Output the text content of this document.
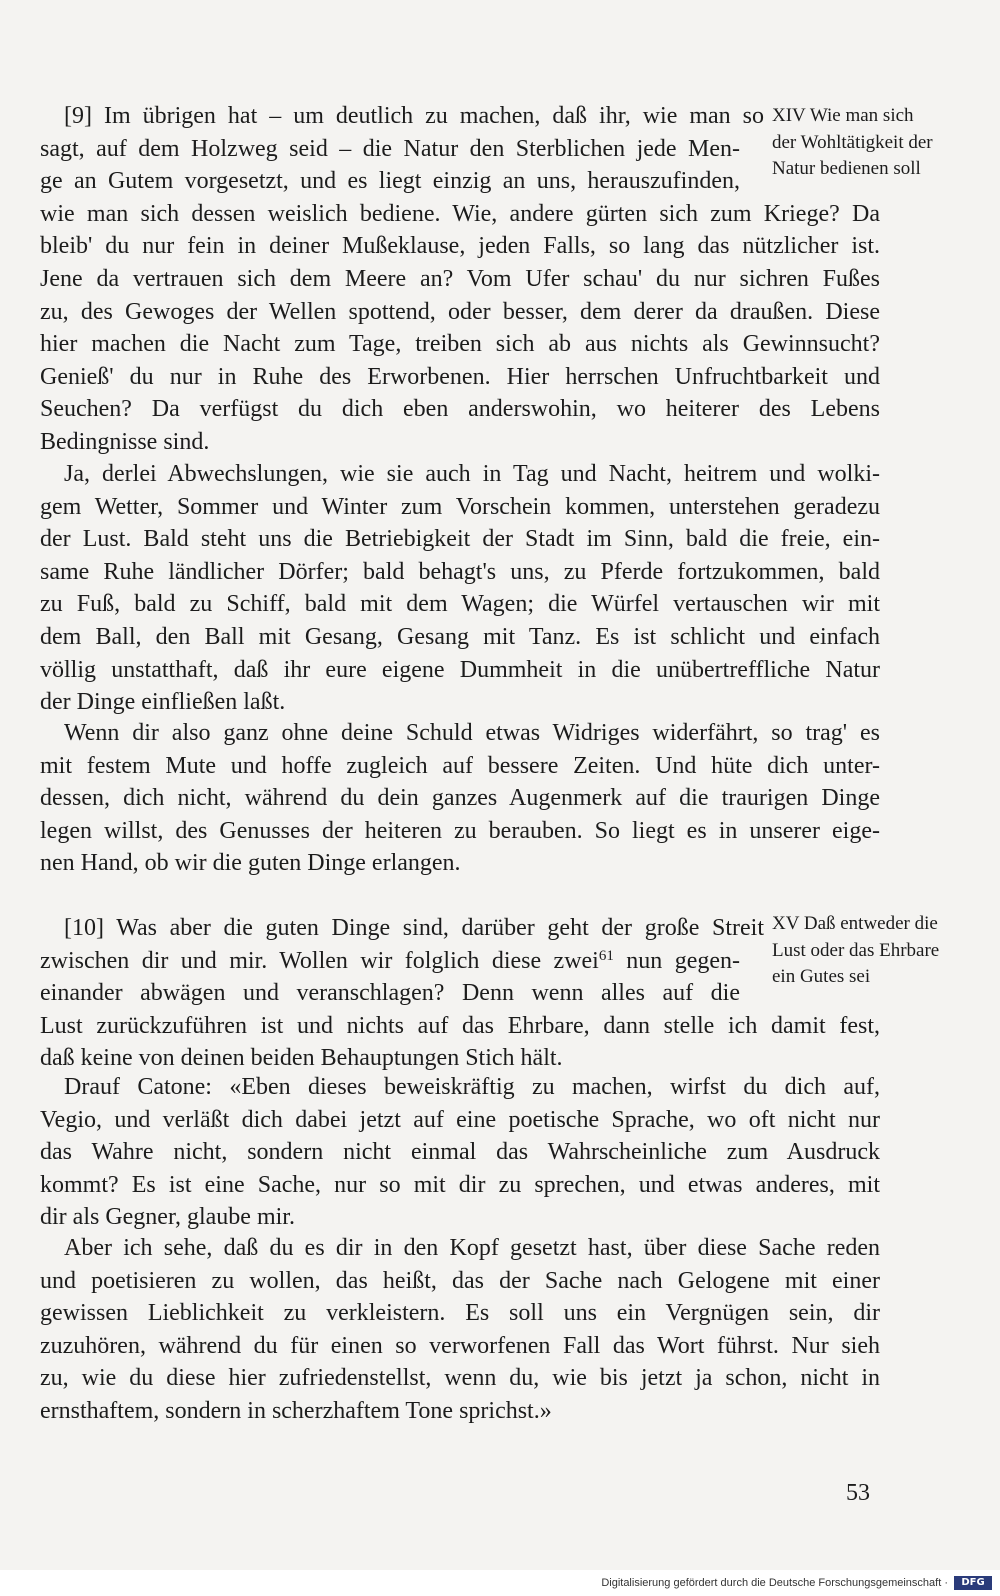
[9] Im übrigen hat – um deutlich zu machen, daß ihr, wie man so
sagt, auf dem Holzweg seid – die Natur den Sterblichen jede Men-
ge an Gutem vorgesetzt, und es liegt einzig an uns, herauszufinden,
wie man sich dessen weislich bediene. Wie, andere gürten sich zum Kriege? Da
bleib' du nur fein in deiner Mußeklause, jeden Falls, so lang das nützlicher ist.
Jene da vertrauen sich dem Meere an? Vom Ufer schau' du nur sichren Fußes
zu, des Gewoges der Wellen spottend, oder besser, dem derer da draußen. Diese
hier machen die Nacht zum Tage, treiben sich ab aus nichts als Gewinnsucht?
Genieß' du nur in Ruhe des Erworbenen. Hier herrschen Unfruchtbarkeit und
Seuchen? Da verfügst du dich eben anderswohin, wo heiterer des Lebens
Bedingnisse sind.

XIV Wie man sich
der Wohltätigkeit der
Natur bedienen soll

Ja, derlei Abwechslungen, wie sie auch in Tag und Nacht, heitrem und wolki-
gem Wetter, Sommer und Winter zum Vorschein kommen, unterstehen geradezu
der Lust. Bald steht uns die Betriebigkeit der Stadt im Sinn, bald die freie, ein-
same Ruhe ländlicher Dörfer; bald behagt's uns, zu Pferde fortzukommen, bald
zu Fuß, bald zu Schiff, bald mit dem Wagen; die Würfel vertauschen wir mit
dem Ball, den Ball mit Gesang, Gesang mit Tanz. Es ist schlicht und einfach
völlig unstatthaft, daß ihr eure eigene Dummheit in die unübertreffliche Natur
der Dinge einfließen laßt.

Wenn dir also ganz ohne deine Schuld etwas Widriges widerfährt, so trag' es
mit festem Mute und hoffe zugleich auf bessere Zeiten. Und hüte dich unter-
dessen, dich nicht, während du dein ganzes Augenmerk auf die traurigen Dinge
legen willst, des Genusses der heiteren zu berauben. So liegt es in unserer eige-
nen Hand, ob wir die guten Dinge erlangen.

[10] Was aber die guten Dinge sind, darüber geht der große Streit
zwischen dir und mir. Wollen wir folglich diese zwei$^{61}$ nun gegen-
einander abwägen und veranschlagen? Denn wenn alles auf die
Lust zurückzuführen ist und nichts auf das Ehrbare, dann stelle ich damit fest,
daß keine von deinen beiden Behauptungen Stich hält.

XV Daß entweder die
Lust oder das Ehrbare
ein Gutes sei

Drauf Catone: «Eben dieses beweiskräftig zu machen, wirfst du dich auf,
Vegio, und verläßt dich dabei jetzt auf eine poetische Sprache, wo oft nicht nur
das Wahre nicht, sondern nicht einmal das Wahrscheinliche zum Ausdruck
kommt? Es ist eine Sache, nur so mit dir zu sprechen, und etwas anderes, mit
dir als Gegner, glaube mir.

Aber ich sehe, daß du es dir in den Kopf gesetzt hast, über diese Sache reden
und poetisieren zu wollen, das heißt, das der Sache nach Gelogene mit einer
gewissen Lieblichkeit zu verkleistern. Es soll uns ein Vergnügen sein, dir
zuzuhören, während du für einen so verworfenen Fall das Wort führst. Nur sieh
zu, wie du diese hier zufriedenstellst, wenn du, wie bis jetzt ja schon, nicht in
ernsthaftem, sondern in scherzhaftem Tone sprichst.»

53

Digitalisierung gefördert durch die Deutsche Forschungsgemeinschaft ·	DFG
